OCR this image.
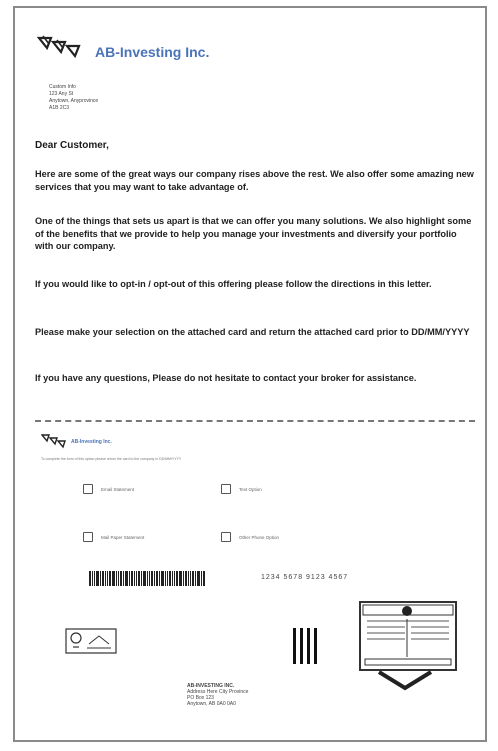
AB-Investing Inc.
Custom Info
123 Any St
Anytown, Anyprovince
A1B 2C3
Dear Customer,
Here are some of the great ways our company rises above the rest. We also offer some amazing new services that you may want to take advantage of.
One of the things that sets us apart is that we can offer you many solutions. We also highlight some of the benefits that we provide to help you manage your investments and diversify your portfolio with our company.
If you would like to opt-in / opt-out of this offering please follow the directions in this letter.
Please make your selection on the attached card and return the attached card prior to DD/MM/YYYY
If you have any questions, Please do not hesitate to contact your broker for assistance.
AB-Investing Inc.
To complete the form of this option please return the card to the company in DD/MM/YYYY
Email Statement	Text Option
Mail Paper Statement	Other Phone Option
1234 5678 9123 4567
AB-INVESTING INC.
Address Here City Province
PO Box 123
Anytown, AB 0A0 0A0
